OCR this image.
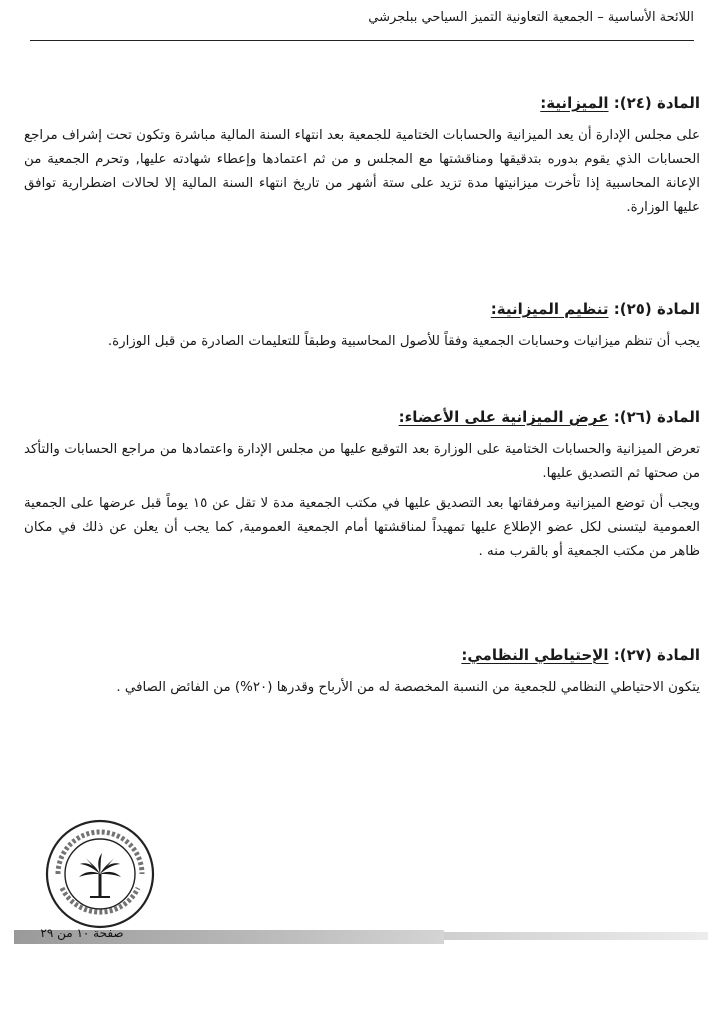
اللائحة الأساسية – الجمعية التعاونية التميز السياحي ببلجرشي
المادة (٢٤): الميزانية:

على مجلس الإدارة أن يعد الميزانية والحسابات الختامية للجمعية بعد انتهاء السنة المالية مباشرة وتكون تحت إشراف مراجع الحسابات الذي يقوم بدوره بتدقيقها ومناقشتها مع المجلس و من ثم اعتمادها وإعطاء شهادته عليها, وتحرم الجمعية من الإعانة المحاسبية إذا تأخرت ميزانيتها مدة تزيد على ستة أشهر من تاريخ انتهاء السنة المالية إلا لحالات اضطرارية توافق عليها الوزارة.

المادة (٢٥): تنظيم الميزانية:

يجب أن تنظم ميزانيات وحسابات الجمعية وفقاً للأصول المحاسبية وطبقاً للتعليمات الصادرة من قبل الوزارة.

المادة (٢٦): عرض الميزانية على الأعضاء:

تعرض الميزانية والحسابات الختامية على الوزارة بعد التوقيع عليها من مجلس الإدارة واعتمادها من مراجع الحسابات والتأكد من صحتها ثم التصديق عليها.

ويجب أن توضع الميزانية ومرفقاتها بعد التصديق عليها في مكتب الجمعية مدة لا تقل عن ١٥ يوماً قبل عرضها على الجمعية العمومية ليتسنى لكل عضو الإطلاع عليها تمهيداً لمناقشتها أمام الجمعية العمومية, كما يجب أن يعلن عن ذلك في مكان ظاهر من مكتب الجمعية أو بالقرب منه .

المادة (٢٧): الإحتياطي النظامي:

يتكون الاحتياطي النظامي للجمعية من النسبة المخصصة له من الأرباح وقدرها (٢٠%) من الفائض الصافي .

صفحة ١٠ من ٢٩
